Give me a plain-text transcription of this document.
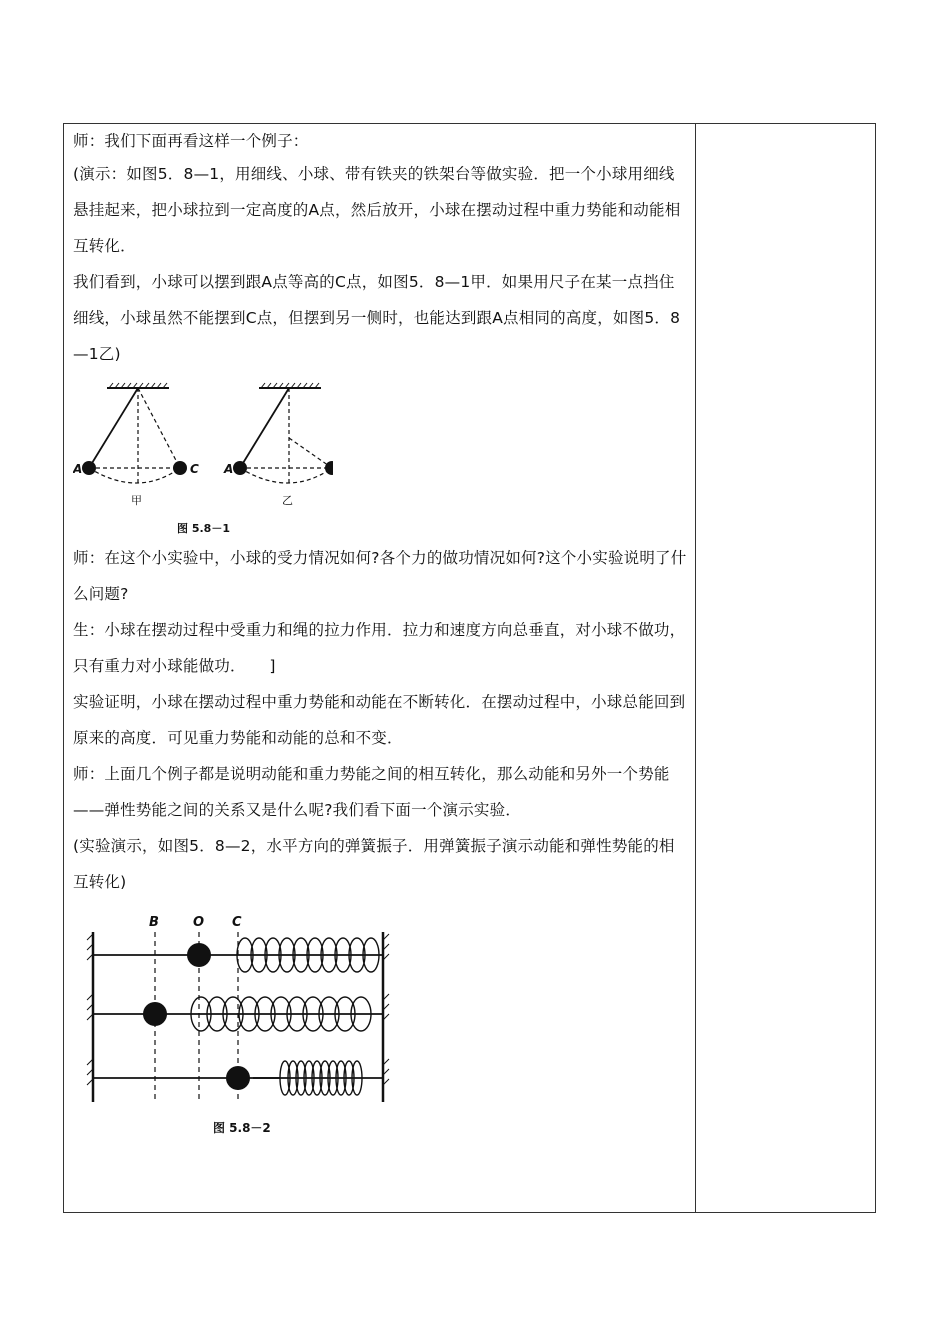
师：我们下面再看这样一个例子：

(演示：如图5．8—1，用细线、小球、带有铁夹的铁架台等做实验．把一个小球用细线悬挂起来，把小球拉到一定高度的A点，然后放开，小球在摆动过程中重力势能和动能相互转化．

我们看到，小球可以摆到跟A点等高的C点，如图5．8—1甲．如果用尺子在某一点挡住细线，小球虽然不能摆到C点，但摆到另一侧时，也能达到跟A点相同的高度，如图5．8—1乙)

A	C
甲
A
乙
图 5.8－1

师：在这个小实验中，小球的受力情况如何?各个力的做功情况如何?这个小实验说明了什么问题?

生：小球在摆动过程中受重力和绳的拉力作用．拉力和速度方向总垂直，对小球不做功，只有重力对小球能做功．　　]

实验证明，小球在摆动过程中重力势能和动能在不断转化．在摆动过程中，小球总能回到原来的高度．可见重力势能和动能的总和不变．

师：上面几个例子都是说明动能和重力势能之间的相互转化，那么动能和另外一个势能——弹性势能之间的关系又是什么呢?我们看下面一个演示实验．

(实验演示，如图5．8—2，水平方向的弹簧振子．用弹簧振子演示动能和弹性势能的相互转化)

B	O C
图 5.8－2
